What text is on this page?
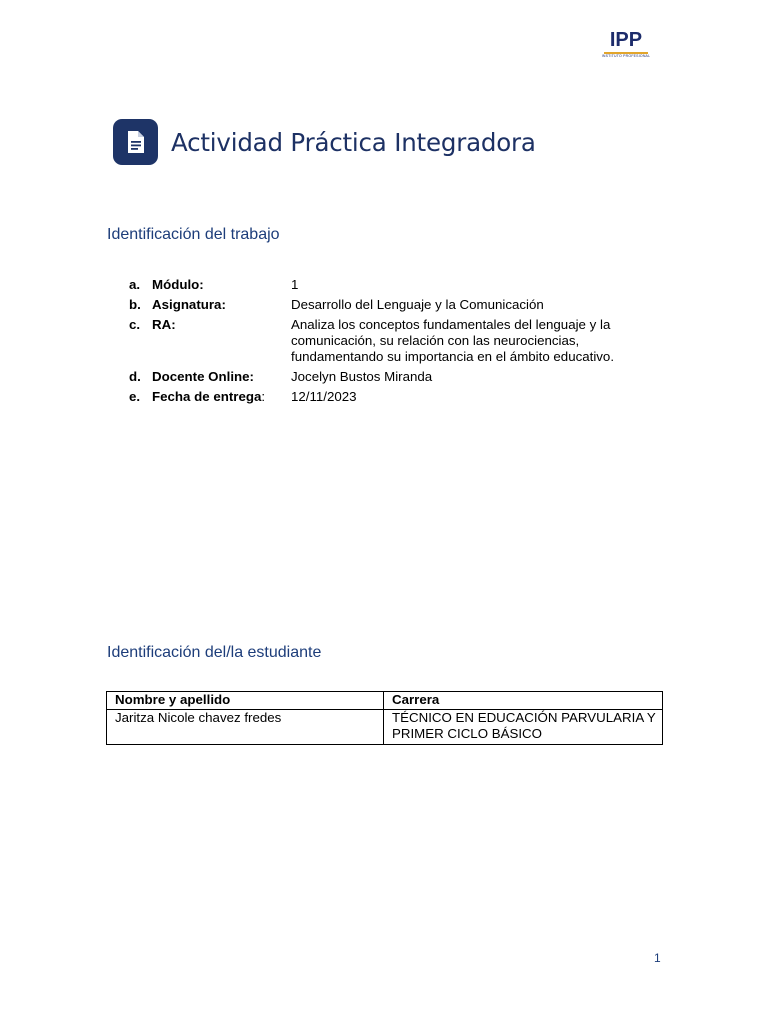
IPP
INSTITUTO PROFESIONAL
Actividad Práctica Integradora
Identificación del trabajo
a. Módulo:	1
b. Asignatura:	Desarrollo del Lenguaje y la Comunicación
c. RA:	Analiza los conceptos fundamentales del lenguaje y la comunicación, su relación con las neurociencias, fundamentando su importancia en el ámbito educativo.
d. Docente Online:	Jocelyn Bustos Miranda
e. Fecha de entrega:	12/11/2023
Identificación del/la estudiante
Nombre y apellido	Carrera
Jaritza Nicole chavez fredes	TÉCNICO EN EDUCACIÓN PARVULARIA Y PRIMER CICLO BÁSICO
1
